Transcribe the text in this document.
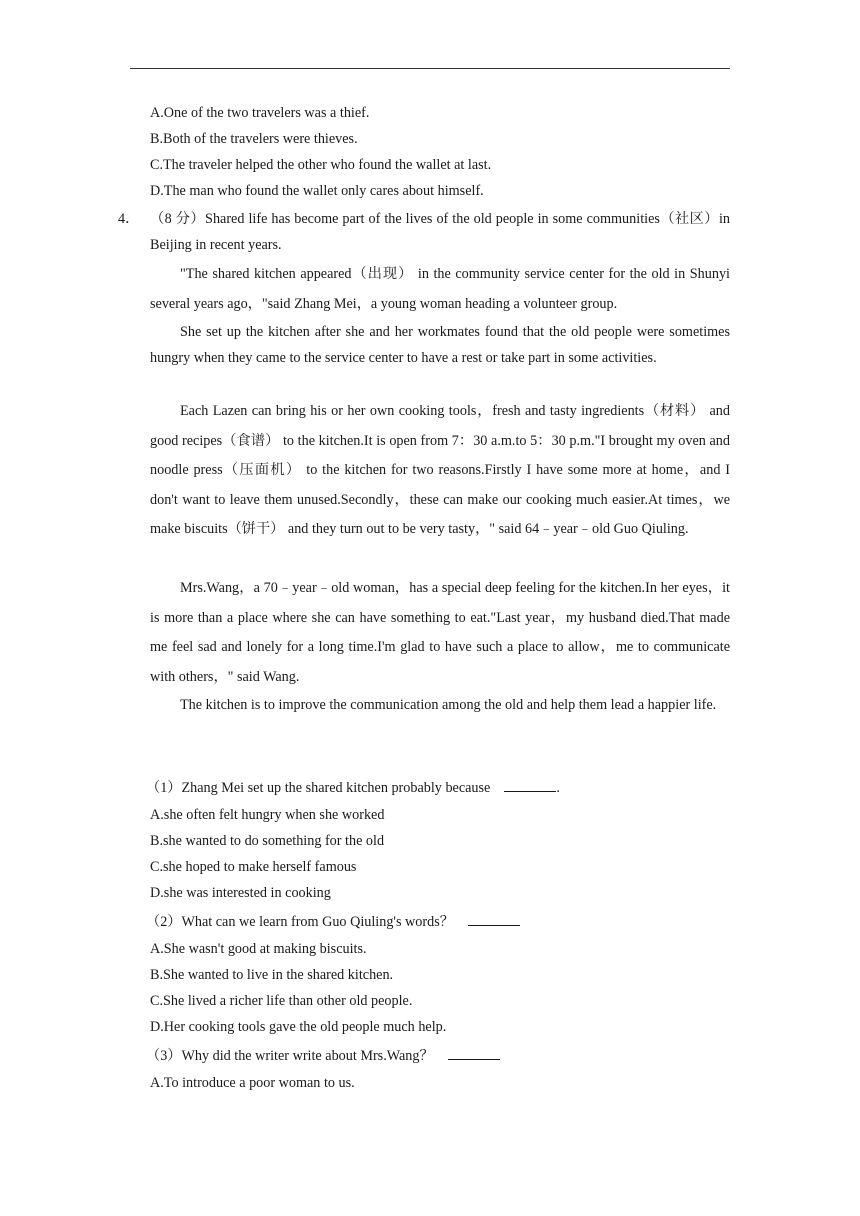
A.One of the two travelers was a thief.
B.Both of the travelers were thieves.
C.The traveler helped the other who found the wallet at last.
D.The man who found the wallet only cares about himself.
4． （8 分）Shared life has become part of the lives of the old people in some communities（社区）in Beijing in recent years.
"The shared kitchen appeared（出现） in the community service center for the old in Shunyi several years ago，"said Zhang Mei，a young woman heading a volunteer group.
She set up the kitchen after she and her workmates found that the old people were sometimes hungry when they came to the service center to have a rest or take part in some activities.
Each Lazen can bring his or her own cooking tools，fresh and tasty ingredients（材料） and good recipes（食谱） to the kitchen.It is open from 7：30 a.m.to 5：30 p.m."I brought my oven and noodle press（压面机） to the kitchen for two reasons.Firstly I have some more at home，and I don't want to leave them unused.Secondly，these can make our cooking much easier.At times，we make biscuits（饼干） and they turn out to be very tasty，" said 64﹣year﹣old Guo Qiuling.
Mrs.Wang，a 70﹣year﹣old woman，has a special deep feeling for the kitchen.In her eyes，it is more than a place where she can have something to eat."Last year，my husband died.That made me feel sad and lonely for a long time.I'm glad to have such a place to allow，me to communicate with others，" said Wang.
The kitchen is to improve the communication among the old and help them lead a happier life.
（1）Zhang Mei set up the shared kitchen probably because	.
A.she often felt hungry when she worked
B.she wanted to do something for the old
C.she hoped to make herself famous
D.she was interested in cooking
（2）What can we learn from Guo Qiuling's words？
A.She wasn't good at making biscuits.
B.She wanted to live in the shared kitchen.
C.She lived a richer life than other old people.
D.Her cooking tools gave the old people much help.
（3）Why did the writer write about Mrs.Wang？
A.To introduce a poor woman to us.
